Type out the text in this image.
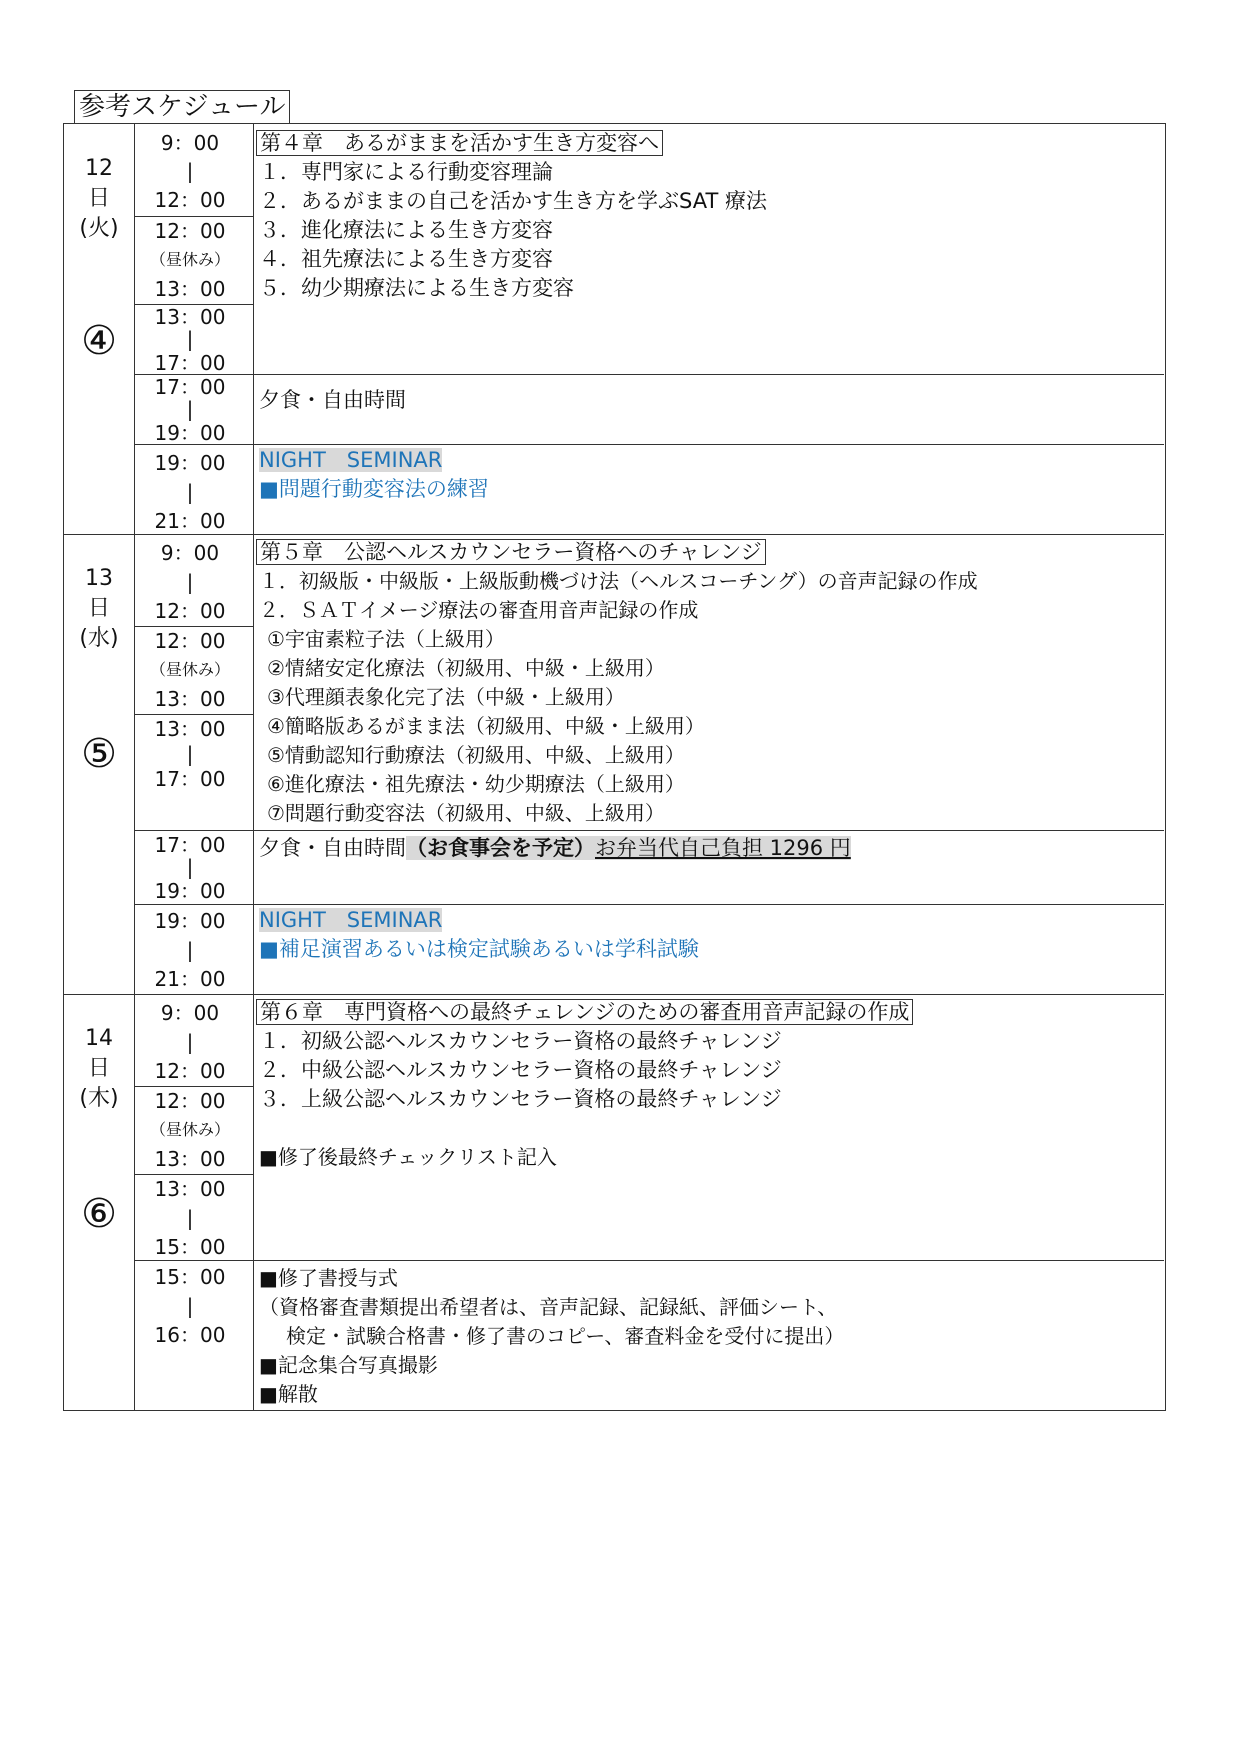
参考スケジュール
12
日
(火)
④
9：00
|
12：00
12：00
（昼休み）
13：00
13：00
|
17：00
17：00
|
19：00
19：00
|
21：00
第４章　あるがままを活かす生き方変容へ
１．専門家による行動変容理論
２．あるがままの自己を活かす生き方を学ぶSAT 療法
３．進化療法による生き方変容
４．祖先療法による生き方変容
５．幼少期療法による生き方変容
夕食・自由時間
NIGHT　SEMINAR
■問題行動変容法の練習
13
日
(水)
⑤
9：00
|
12：00
12：00
（昼休み）
13：00
13：00
|
17：00
17：00
|
19：00
19：00
|
21：00
第５章　公認ヘルスカウンセラー資格へのチャレンジ
１．初級版・中級版・上級版動機づけ法（ヘルスコーチング）の音声記録の作成
２．ＳＡＴイメージ療法の審査用音声記録の作成
①宇宙素粒子法（上級用）
②情緒安定化療法（初級用、中級・上級用）
③代理顔表象化完了法（中級・上級用）
④簡略版あるがまま法（初級用、中級・上級用）
⑤情動認知行動療法（初級用、中級、上級用）
⑥進化療法・祖先療法・幼少期療法（上級用）
⑦問題行動変容法（初級用、中級、上級用）
夕食・自由時間（お食事会を予定）お弁当代自己負担 1296 円
NIGHT　SEMINAR
■補足演習あるいは検定試験あるいは学科試験
14
日
(木)
⑥
9：00
|
12：00
12：00
（昼休み）
13：00
13：00
|
15：00
15：00
|
16：00
第６章　専門資格への最終チェレンジのための審査用音声記録の作成
１．初級公認ヘルスカウンセラー資格の最終チャレンジ
２．中級公認ヘルスカウンセラー資格の最終チャレンジ
３．上級公認ヘルスカウンセラー資格の最終チャレンジ
■修了後最終チェックリスト記入
■修了書授与式
（資格審査書類提出希望者は、音声記録、記録紙、評価シート、
検定・試験合格書・修了書のコピー、審査料金を受付に提出）
■記念集合写真撮影
■解散
